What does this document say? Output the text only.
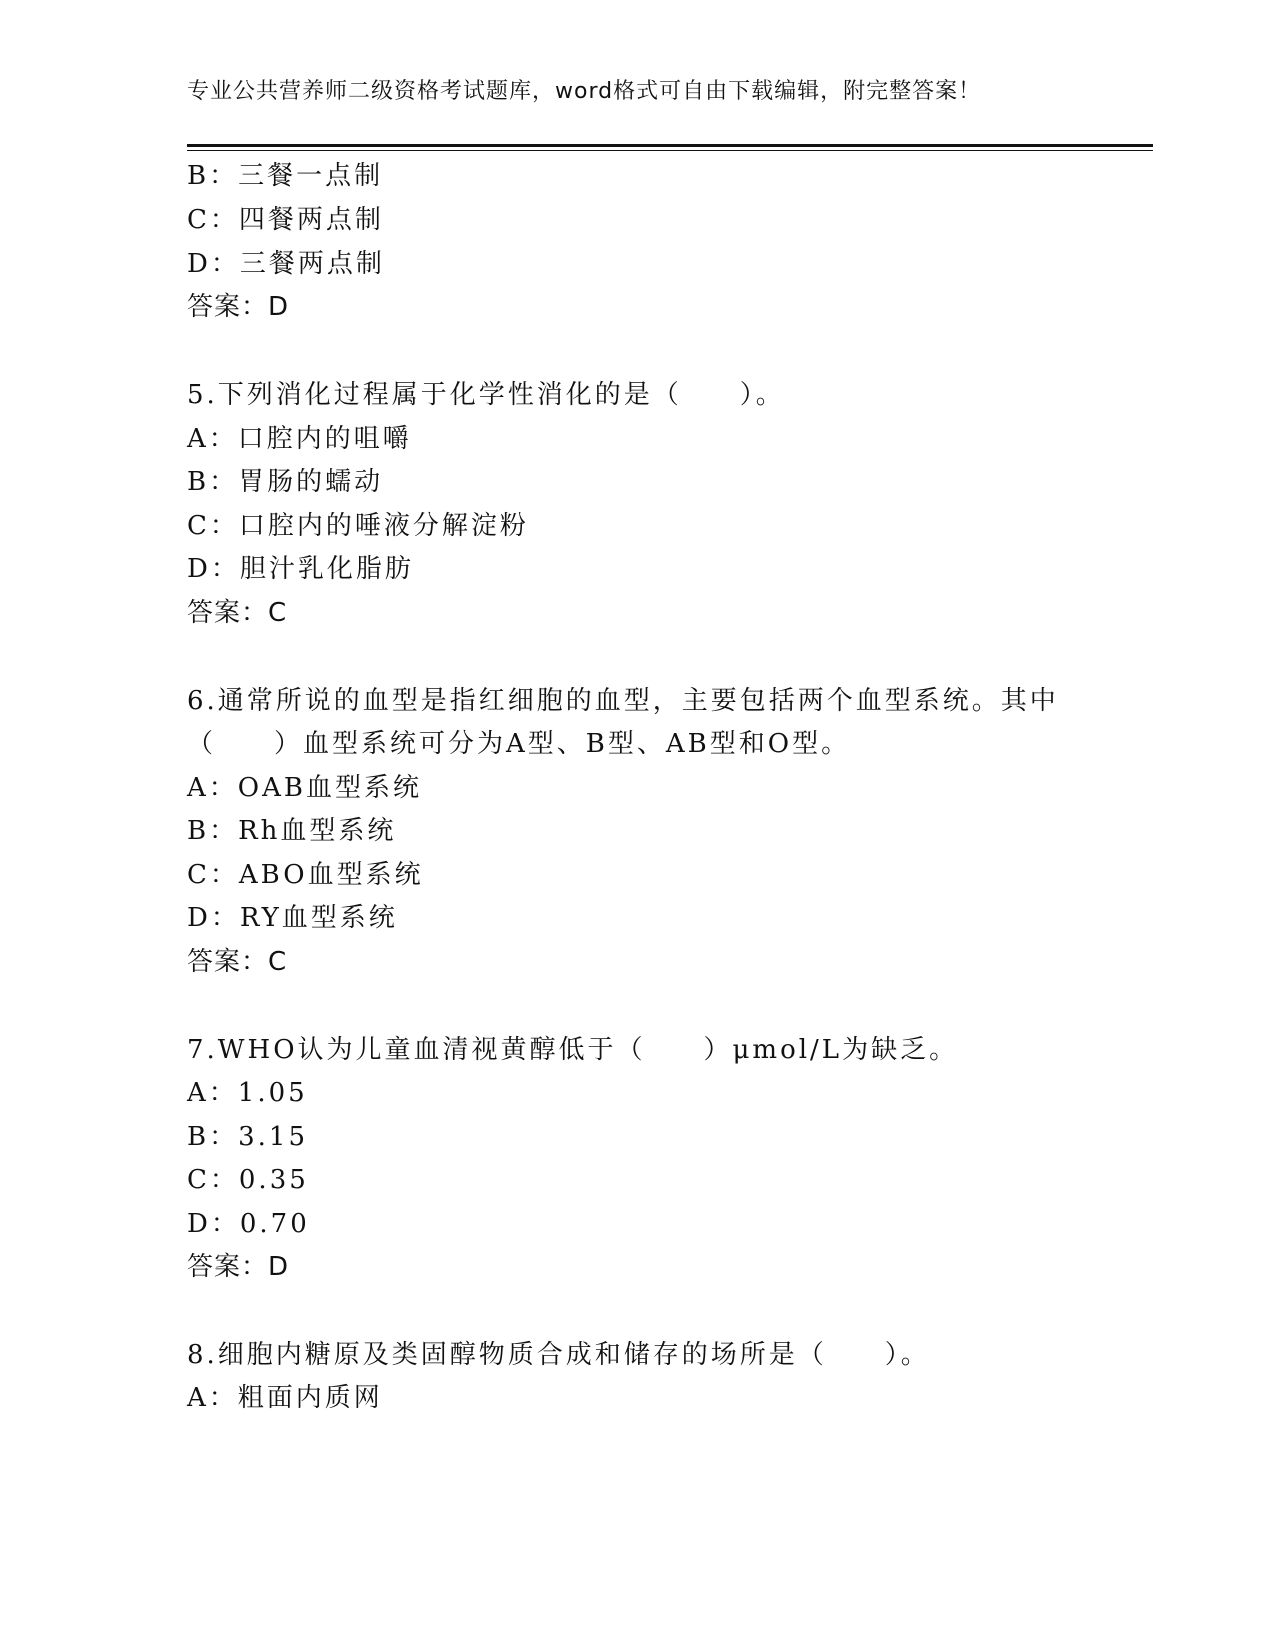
专业公共营养师二级资格考试题库，word格式可自由下载编辑，附完整答案！
B：三餐一点制
C：四餐两点制
D：三餐两点制
答案：D
5.下列消化过程属于化学性消化的是（　　）。
A：口腔内的咀嚼
B：胃肠的蠕动
C：口腔内的唾液分解淀粉
D：胆汁乳化脂肪
答案：C
6.通常所说的血型是指红细胞的血型，主要包括两个血型系统。其中
（　　）血型系统可分为A型、B型、AB型和O型。
A：OAB血型系统
B：Rh血型系统
C：ABO血型系统
D：RY血型系统
答案：C
7.WHO认为儿童血清视黄醇低于（　　）μmol/L为缺乏。
A：1.05
B：3.15
C：0.35
D：0.70
答案：D
8.细胞内糖原及类固醇物质合成和储存的场所是（　　）。
A：粗面内质网
